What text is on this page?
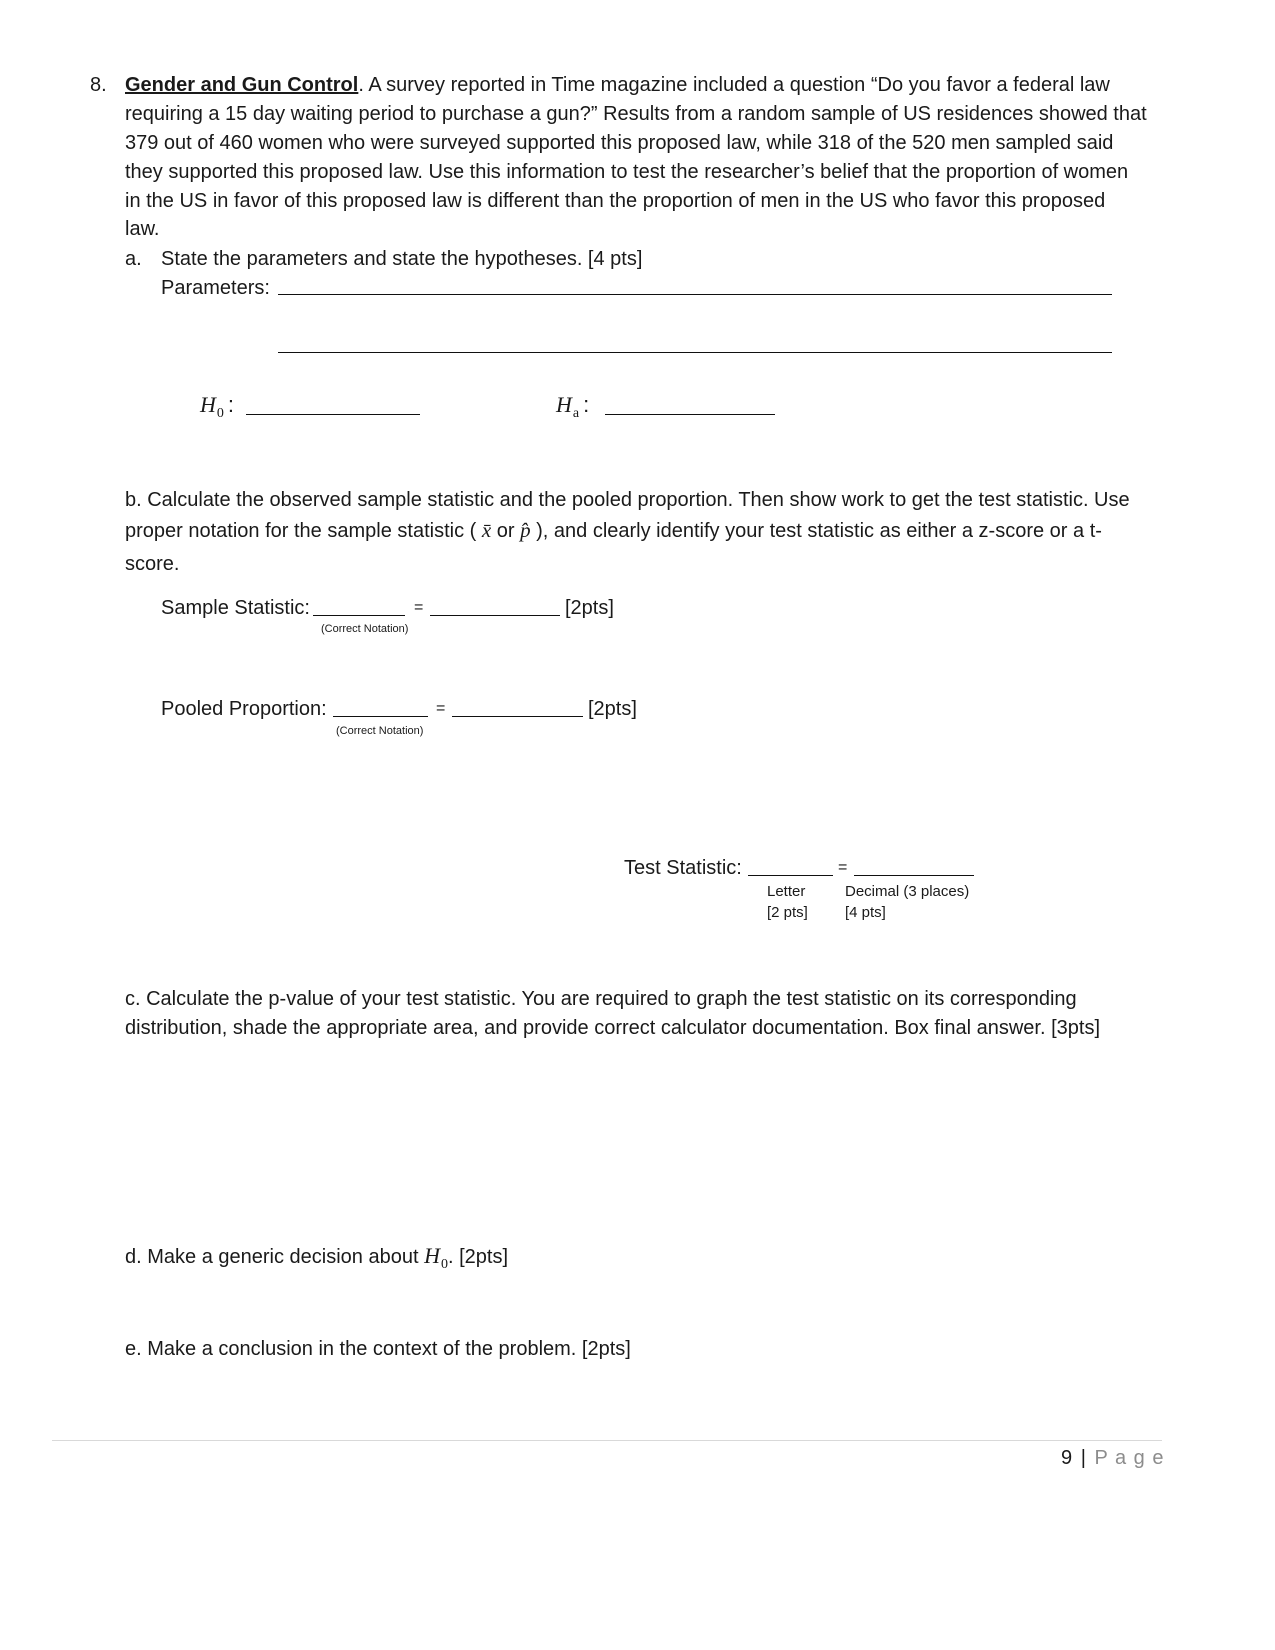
8. Gender and Gun Control. A survey reported in Time magazine included a question “Do you favor a federal law
requiring a 15 day waiting period to purchase a gun?” Results from a random sample of US residences showed that
379 out of 460 women who were surveyed supported this proposed law, while 318 of the 520 men sampled said
they supported this proposed law. Use this information to test the researcher’s belief that the proportion of women
in the US in favor of this proposed law is different than the proportion of men in the US who favor this proposed
law.
a. State the parameters and state the hypotheses. [4 pts]
Parameters:
$H_0$ :	$H_a$ :
b. Calculate the observed sample statistic and the pooled proportion. Then show work to get the test statistic. Use
proper notation for the sample statistic ( x̄ or p̂ ), and clearly identify your test statistic as either a z-score or a t-
score.
Sample Statistic:	=	[2pts]
(Correct Notation)
Pooled Proportion:	=	[2pts]
(Correct Notation)
Test Statistic:	=
Letter
[2 pts]
Decimal (3 places)
[4 pts]
c. Calculate the p-value of your test statistic. You are required to graph the test statistic on its corresponding
distribution, shade the appropriate area, and provide correct calculator documentation. Box final answer. [3pts]
d. Make a generic decision about $H_0$. [2pts]
e. Make a conclusion in the context of the problem. [2pts]
9 | P a g e
